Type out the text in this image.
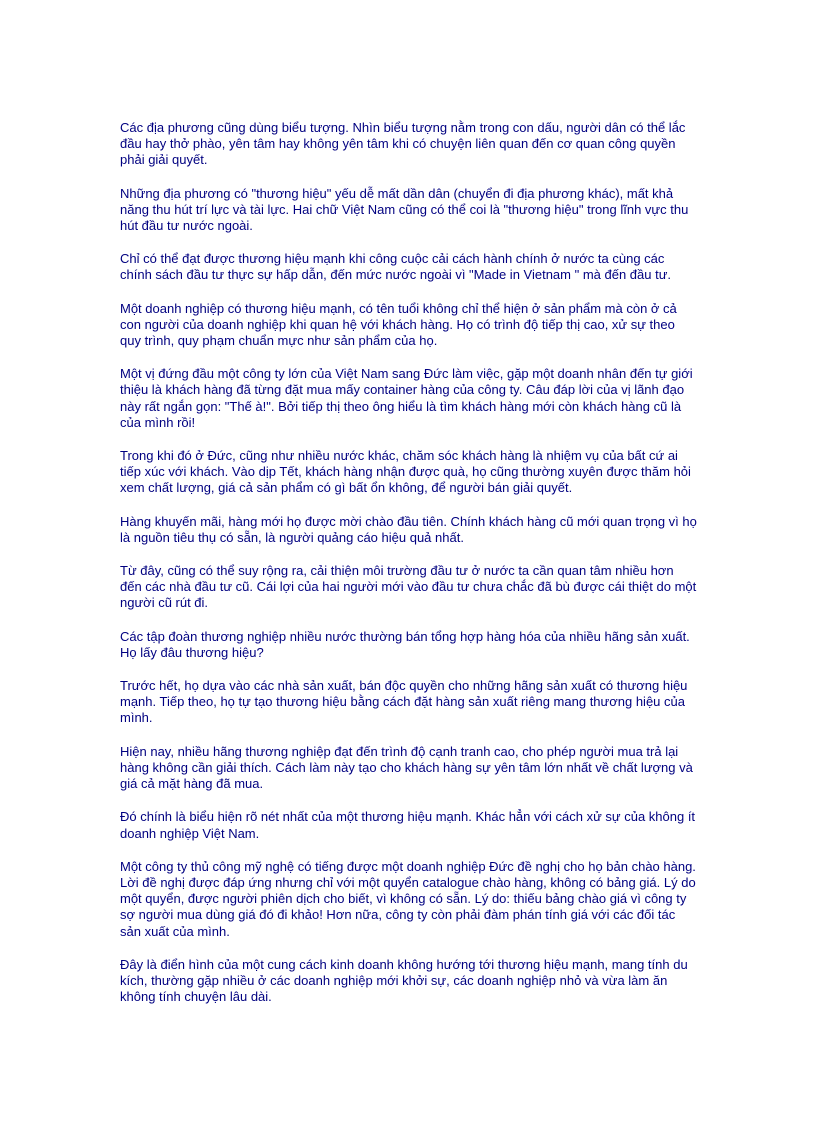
Các địa phương cũng dùng biểu tượng. Nhìn biểu tượng nằm trong con dấu, người dân có thể lắc đầu hay thở phào, yên tâm hay không yên tâm khi có chuyện liên quan đến cơ quan công quyền phải giải quyết.

Những địa phương có "thương hiệu" yếu dễ mất dần dân (chuyển đi địa phương khác), mất khả năng thu hút trí lực và tài lực. Hai chữ Việt Nam cũng có thể coi là "thương hiệu" trong lĩnh vực thu hút đầu tư nước ngoài.

Chỉ có thể đạt được thương hiệu mạnh khi công cuộc cải cách hành chính ở nước ta cùng các chính sách đầu tư thực sự hấp dẫn, đến mức nước ngoài vì "Made in Vietnam " mà đến đầu tư.

Một doanh nghiệp có thương hiệu mạnh, có tên tuổi không chỉ thể hiện ở sản phẩm mà còn ở cả con người của doanh nghiệp khi quan hệ với khách hàng. Họ có trình độ tiếp thị cao, xử sự theo quy trình, quy phạm chuẩn mực như sản phẩm của họ.

Một vị đứng đầu một công ty lớn của Việt Nam sang Đức làm việc, gặp một doanh nhân đến tự giới thiệu là khách hàng đã từng đặt mua mấy container hàng của công ty. Câu đáp lời của vị lãnh đạo này rất ngắn gọn: "Thế à!". Bởi tiếp thị theo ông hiểu là tìm khách hàng mới còn khách hàng cũ là của mình rồi!

Trong khi đó ở Đức, cũng như nhiều nước khác, chăm sóc khách hàng là nhiệm vụ của bất cứ ai tiếp xúc với khách. Vào dịp Tết, khách hàng nhận được quà, họ cũng thường xuyên được thăm hỏi xem chất lượng, giá cả sản phẩm có gì bất ổn không, để người bán giải quyết.

Hàng khuyến mãi, hàng mới họ được mời chào đầu tiên. Chính khách hàng cũ mới quan trọng vì họ là nguồn tiêu thụ có sẵn, là người quảng cáo hiệu quả nhất.

Từ đây, cũng có thể suy rộng ra, cải thiện môi trường đầu tư ở nước ta cần quan tâm nhiều hơn đến các nhà đầu tư cũ. Cái lợi của hai người mới vào đầu tư chưa chắc đã bù được cái thiệt do một người cũ rút đi.

Các tập đoàn thương nghiệp nhiều nước thường bán tổng hợp hàng hóa của nhiều hãng sản xuất. Họ lấy đâu thương hiệu?

Trước hết, họ dựa vào các nhà sản xuất, bán độc quyền cho những hãng sản xuất có thương hiệu mạnh. Tiếp theo, họ tự tạo thương hiệu bằng cách đặt hàng sản xuất riêng mang thương hiệu của mình.

Hiện nay, nhiều hãng thương nghiệp đạt đến trình độ cạnh tranh cao, cho phép người mua trả lại hàng không cần giải thích. Cách làm này tạo cho khách hàng sự yên tâm lớn nhất về chất lượng và giá cả mặt hàng đã mua.

Đó chính là biểu hiện rõ nét nhất của một thương hiệu mạnh. Khác hẳn với cách xử sự của không ít doanh nghiệp Việt Nam.

Một công ty thủ công mỹ nghệ có tiếng được một doanh nghiệp Đức đề nghị cho họ bản chào hàng. Lời đề nghị được đáp ứng nhưng chỉ với một quyển catalogue chào hàng, không có bảng giá. Lý do một quyển, được người phiên dịch cho biết, vì không có sẵn. Lý do: thiếu bảng chào giá vì công ty sợ người mua dùng giá đó đi khảo! Hơn nữa, công ty còn phải đàm phán tính giá với các đối tác sản xuất của mình.

Đây là điển hình của một cung cách kinh doanh không hướng tới thương hiệu mạnh, mang tính du kích, thường gặp nhiều ở các doanh nghiệp mới khởi sự, các doanh nghiệp nhỏ và vừa làm ăn không tính chuyện lâu dài.
